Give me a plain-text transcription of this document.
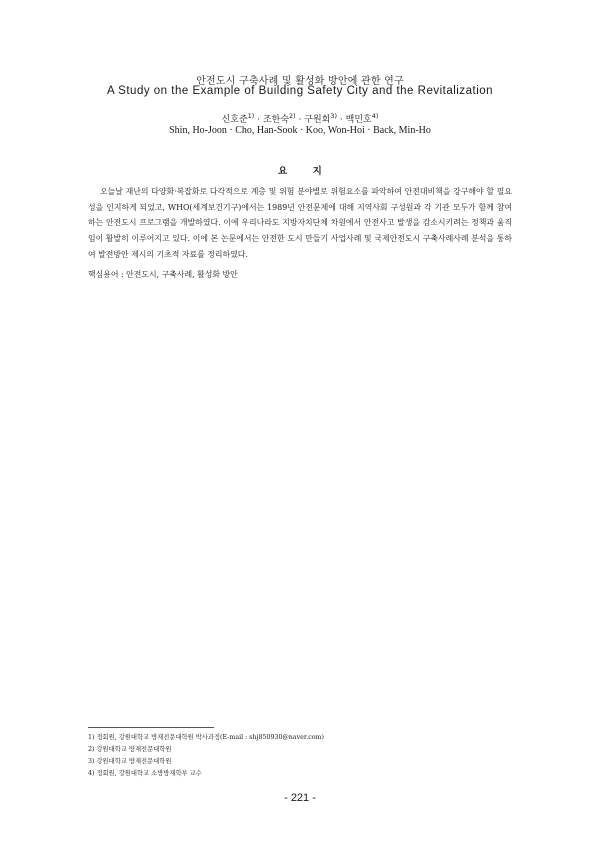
안전도시 구축사례 및 활성화 방안에 관한 연구
A Study on the Example of Building Safety City and the Revitalization
신호준$^{1)}$ · 조한숙$^{2)}$ · 구원회$^{3)}$ · 백민호$^{4)}$
Shin, Ho-Joon · Cho, Han-Sook · Koo, Won-Hoi · Back, Min-Ho
요 지

오늘날 재난의 다양화·복잡화로 다각적으로 계층 및 위험 분야별로 위험요소를 파악하여 안전대비책을 강구해야 할 필요성을 인지하게 되었고, WHO(세계보건기구)에서는 1989년 안전문제에 대해 지역사회 구성원과 각 기관 모두가 함께 참여하는 안전도시 프로그램을 개발하였다. 이에 우리나라도 지방자치단체 차원에서 안전사고 발생을 감소시키려는 정책과 움직임이 활발히 이루어지고 있다. 이에 본 논문에서는 안전한 도시 만들기 사업사례 및 국제안전도시 구축사례사례 분석을 통하여 발전방안 제시의 기초적 자료를 정리하였다.

핵심용어 : 안전도시, 구축사례, 활성화 방안

1) 정회원, 강원대학교 방재전문대학원 박사과정(E-mail : shj850930@naver.com)
2) 강원대학교 방재전문대학원
3) 강원대학교 방재전문대학원
4) 정회원, 강원대학교 소방방재학부 교수
- 221 -
